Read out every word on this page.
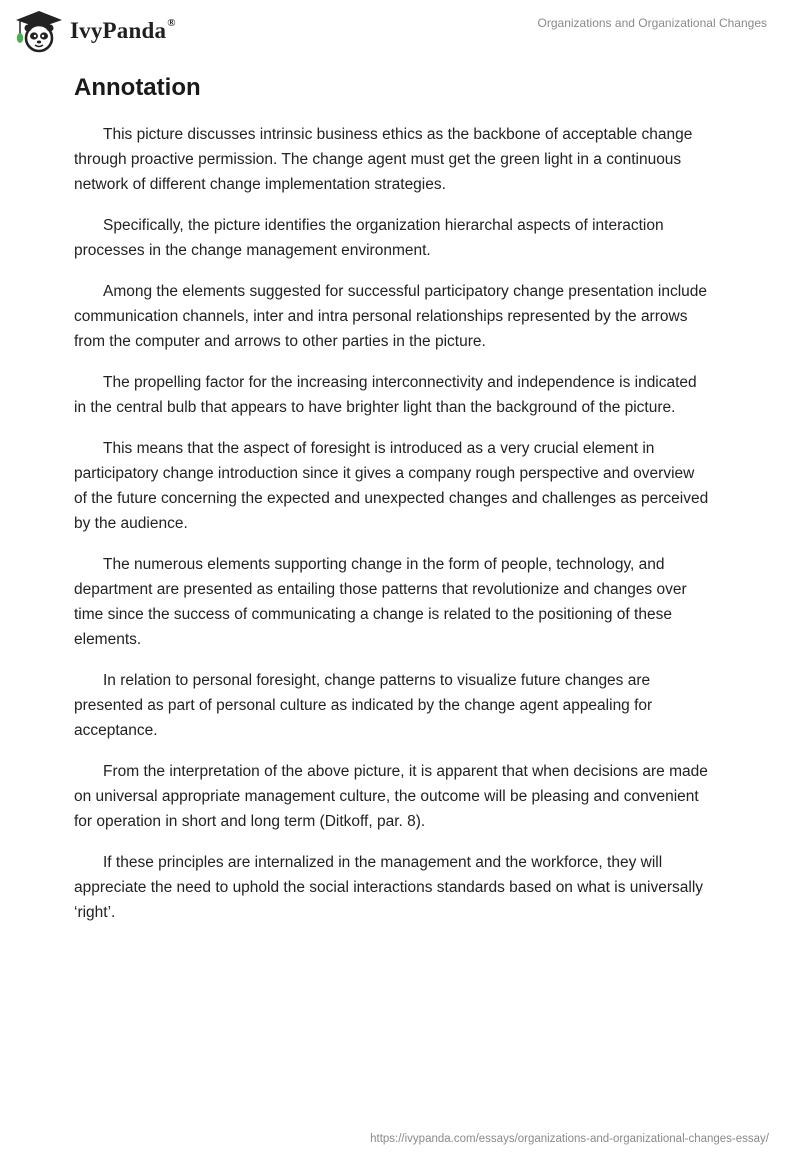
IvyPanda®	Organizations and Organizational Changes
Annotation

This picture discusses intrinsic business ethics as the backbone of acceptable change through proactive permission. The change agent must get the green light in a continuous network of different change implementation strategies.

Specifically, the picture identifies the organization hierarchal aspects of interaction processes in the change management environment.

Among the elements suggested for successful participatory change presentation include communication channels, inter and intra personal relationships represented by the arrows from the computer and arrows to other parties in the picture.

The propelling factor for the increasing interconnectivity and independence is indicated in the central bulb that appears to have brighter light than the background of the picture.

This means that the aspect of foresight is introduced as a very crucial element in participatory change introduction since it gives a company rough perspective and overview of the future concerning the expected and unexpected changes and challenges as perceived by the audience.

The numerous elements supporting change in the form of people, technology, and department are presented as entailing those patterns that revolutionize and changes over time since the success of communicating a change is related to the positioning of these elements.

In relation to personal foresight, change patterns to visualize future changes are presented as part of personal culture as indicated by the change agent appealing for acceptance.

From the interpretation of the above picture, it is apparent that when decisions are made on universal appropriate management culture, the outcome will be pleasing and convenient for operation in short and long term (Ditkoff, par. 8).

If these principles are internalized in the management and the workforce, they will appreciate the need to uphold the social interactions standards based on what is universally ‘right’.

https://ivypanda.com/essays/organizations-and-organizational-changes-essay/
